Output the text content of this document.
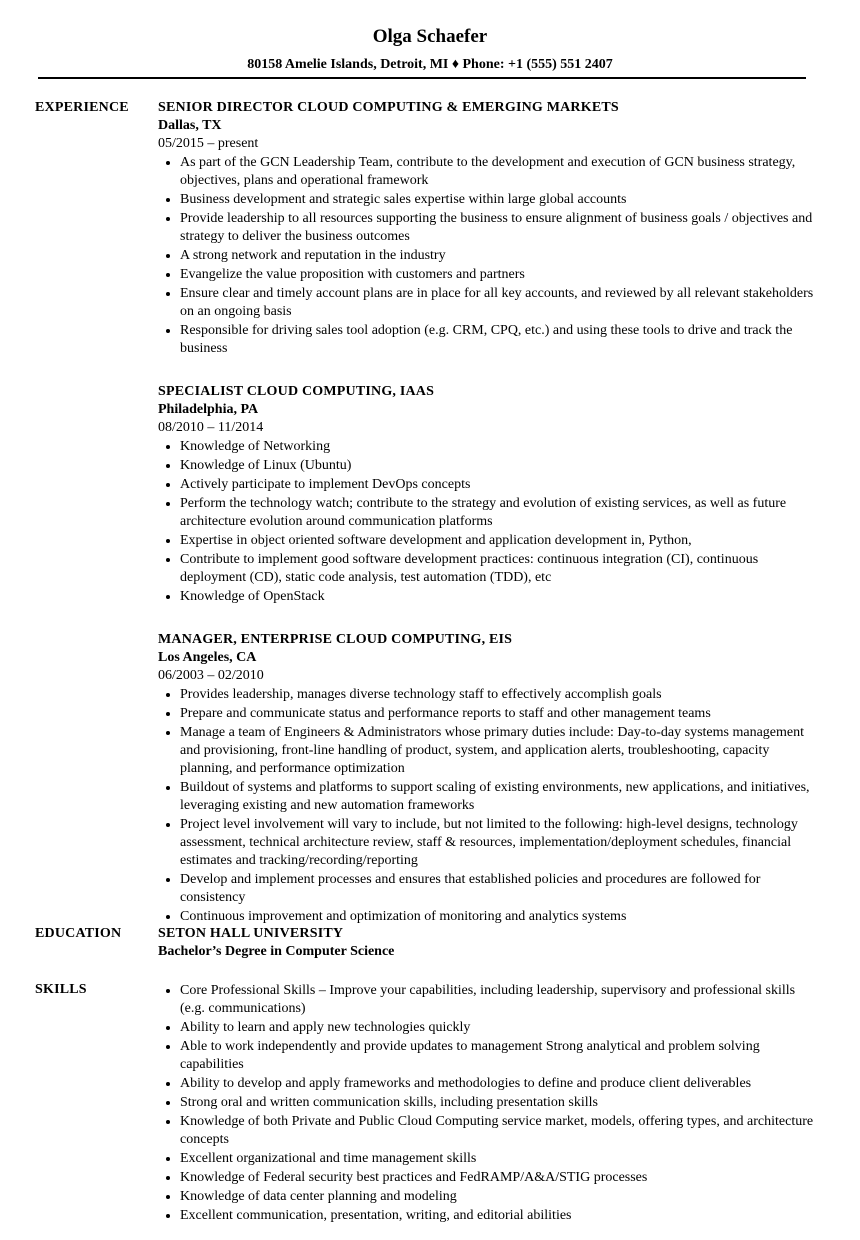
Olga Schaefer
80158 Amelie Islands, Detroit, MI ♦ Phone: +1 (555) 551 2407
EXPERIENCE SENIOR DIRECTOR CLOUD COMPUTING & EMERGING MARKETS
Dallas, TX
05/2015 – present
• As part of the GCN Leadership Team, contribute to the development and execution of GCN business strategy, objectives, plans and operational framework
• Business development and strategic sales expertise within large global accounts
• Provide leadership to all resources supporting the business to ensure alignment of business goals / objectives and strategy to deliver the business outcomes
• A strong network and reputation in the industry
• Evangelize the value proposition with customers and partners
• Ensure clear and timely account plans are in place for all key accounts, and reviewed by all relevant stakeholders on an ongoing basis
• Responsible for driving sales tool adoption (e.g. CRM, CPQ, etc.) and using these tools to drive and track the business
SPECIALIST CLOUD COMPUTING, IAAS
Philadelphia, PA
08/2010 – 11/2014
• Knowledge of Networking
• Knowledge of Linux (Ubuntu)
• Actively participate to implement DevOps concepts
• Perform the technology watch; contribute to the strategy and evolution of existing services, as well as future architecture evolution around communication platforms
• Expertise in object oriented software development and application development in, Python,
• Contribute to implement good software development practices: continuous integration (CI), continuous deployment (CD), static code analysis, test automation (TDD), etc
• Knowledge of OpenStack
MANAGER, ENTERPRISE CLOUD COMPUTING, EIS
Los Angeles, CA
06/2003 – 02/2010
• Provides leadership, manages diverse technology staff to effectively accomplish goals
• Prepare and communicate status and performance reports to staff and other management teams
• Manage a team of Engineers & Administrators whose primary duties include: Day-to-day systems management and provisioning, front-line handling of product, system, and application alerts, troubleshooting, capacity planning, and performance optimization
• Buildout of systems and platforms to support scaling of existing environments, new applications, and initiatives, leveraging existing and new automation frameworks
• Project level involvement will vary to include, but not limited to the following: high-level designs, technology assessment, technical architecture review, staff & resources, implementation/deployment schedules, financial estimates and tracking/recording/reporting
• Develop and implement processes and ensures that established policies and procedures are followed for consistency
• Continuous improvement and optimization of monitoring and analytics systems
EDUCATION	SETON HALL UNIVERSITY
Bachelor’s Degree in Computer Science
SKILLS
•	Core Professional Skills – Improve your capabilities, including leadership, supervisory and professional skills (e.g. communications)
• Ability to learn and apply new technologies quickly
• Able to work independently and provide updates to management Strong analytical and problem solving capabilities
• Ability to develop and apply frameworks and methodologies to define and produce client deliverables
• Strong oral and written communication skills, including presentation skills
• Knowledge of both Private and Public Cloud Computing service market, models, offering types, and architecture concepts
• Excellent organizational and time management skills
• Knowledge of Federal security best practices and FedRAMP/A&A/STIG processes
• Knowledge of data center planning and modeling
• Excellent communication, presentation, writing, and editorial abilities
